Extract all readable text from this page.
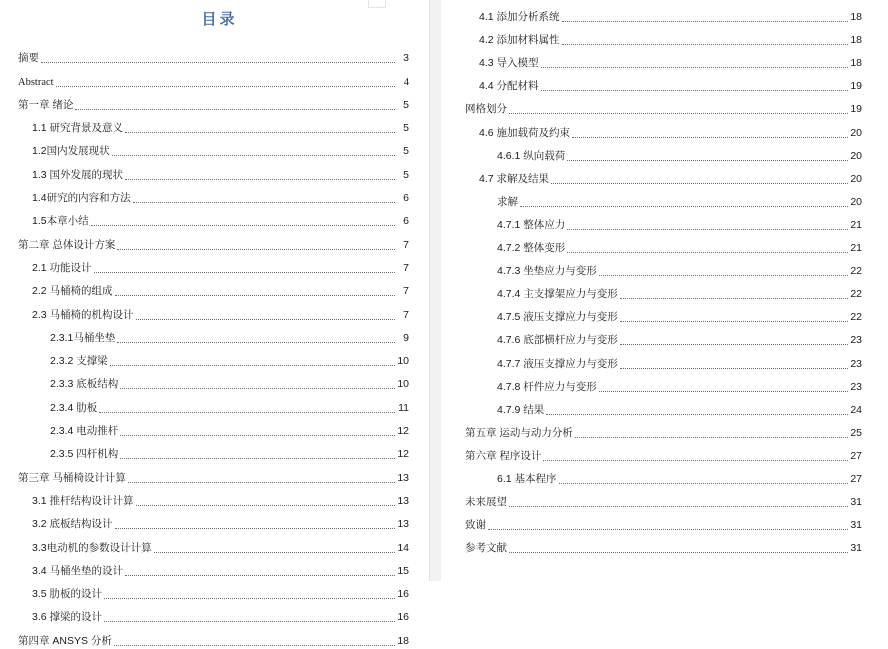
目录
摘要	3
Abstract	4
第一章 绪论	5
1.1 研究背景及意义	5
1.2国内发展现状	5
1.3 国外发展的现状	5
1.4研究的内容和方法	6
1.5本章小结	6
第二章 总体设计方案	7
2.1 功能设计	7
2.2 马桶椅的组成	7
2.3 马桶椅的机构设计	7
2.3.1马桶坐垫	9
2.3.2 支撑梁	10
2.3.3 底板结构	10
2.3.4 肋板	11
2.3.4 电动推杆	12
2.3.5 四杆机构	12
第三章 马桶椅设计计算	13
3.1 推杆结构设计计算	13
3.2 底板结构设计	13
3.3电动机的参数设计计算	14
3.4 马桶坐垫的设计	15
3.5 肋板的设计	16
3.6 撑梁的设计	16
第四章 ANSYS 分析	18
4.1 添加分析系统	18
4.2 添加材料属性	18
4.3 导入模型	18
4.4 分配材料	19
网格划分	19
4.6 施加载荷及约束	20
4.6.1 纵向载荷	20
4.7 求解及结果	20
求解	20
4.7.1 整体应力	21
4.7.2 整体变形	21
4.7.3 坐垫应力与变形	22
4.7.4 主支撑架应力与变形	22
4.7.5 液压支撑应力与变形	22
4.7.6 底部横杆应力与变形	23
4.7.7 液压支撑应力与变形	23
4.7.8 杆件应力与变形	23
4.7.9 结果	24
第五章 运动与动力分析	25
第六章 程序设计	27
6.1 基本程序	27
未来展望	31
致谢	31
参考文献	31
